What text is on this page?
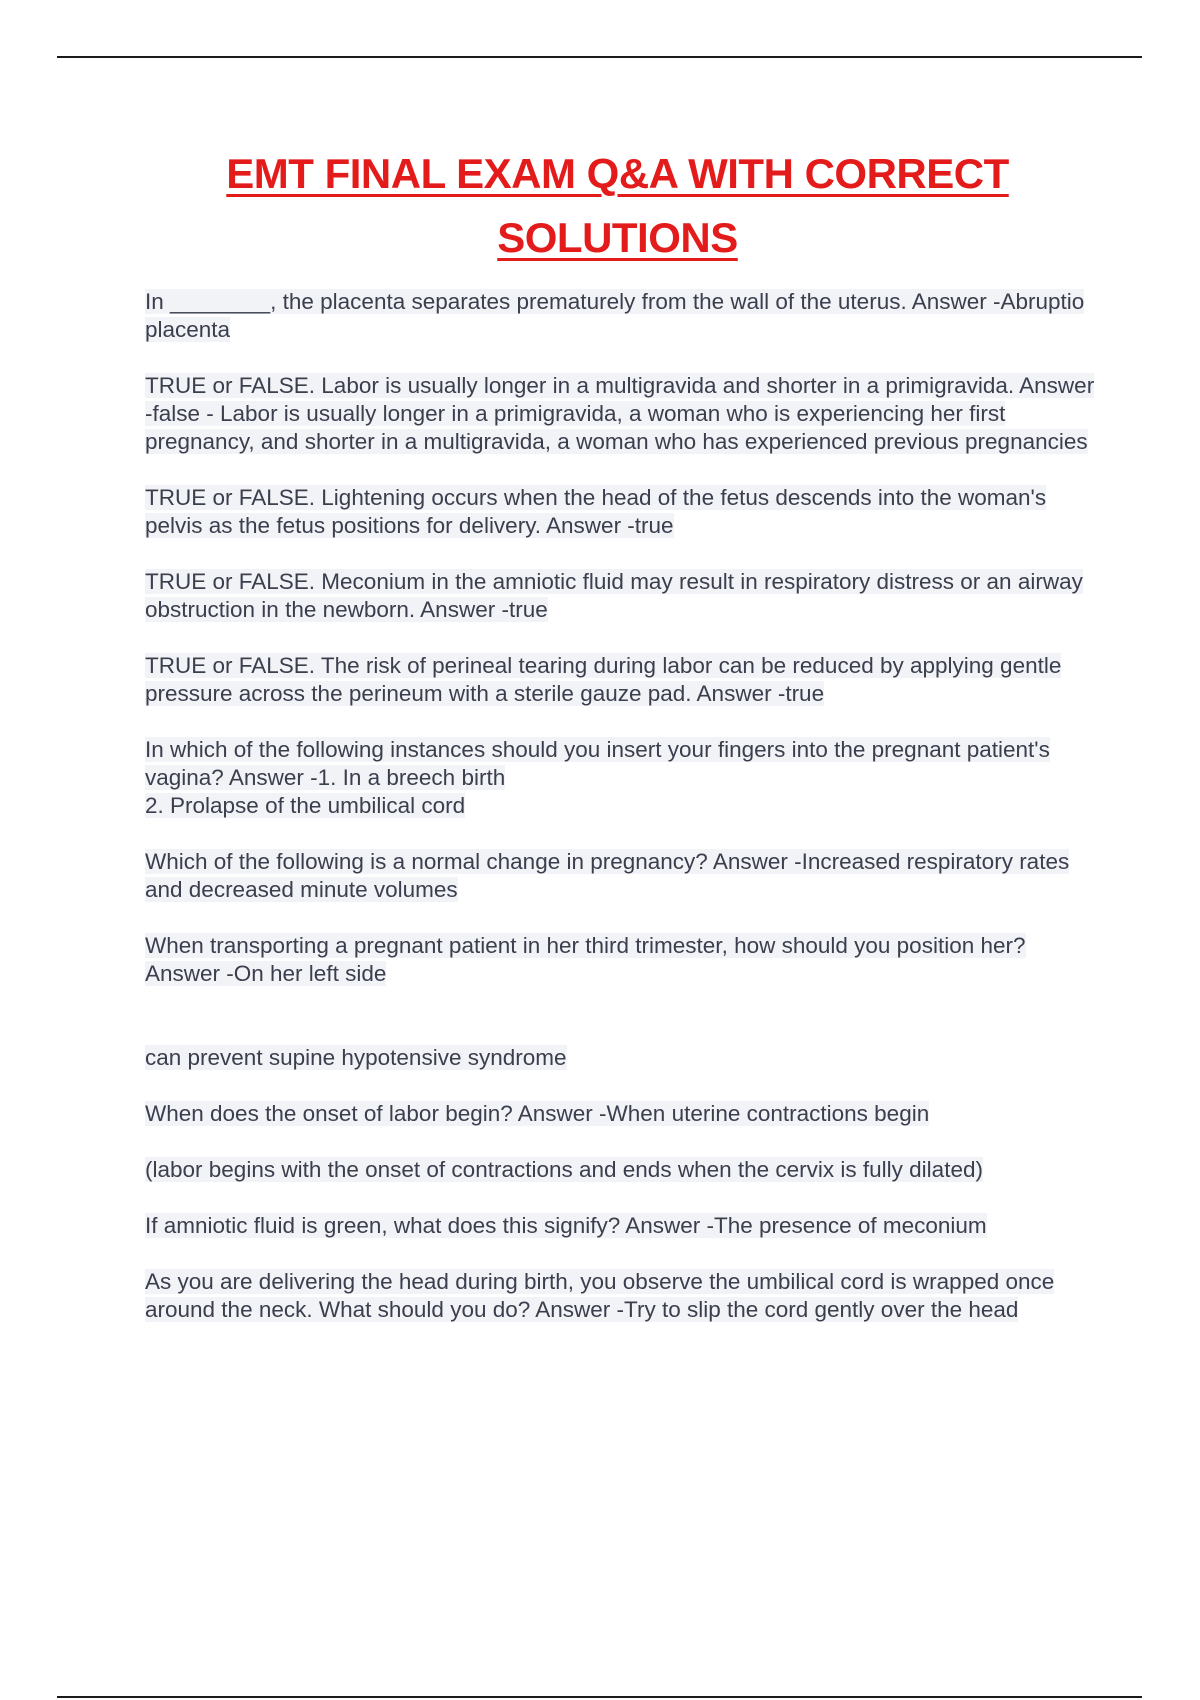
EMT FINAL EXAM Q&A WITH CORRECT SOLUTIONS

In ________, the placenta separates prematurely from the wall of the uterus. Answer -Abruptio placenta

TRUE or FALSE. Labor is usually longer in a multigravida and shorter in a primigravida. Answer -false - Labor is usually longer in a primigravida, a woman who is experiencing her first pregnancy, and shorter in a multigravida, a woman who has experienced previous pregnancies

TRUE or FALSE. Lightening occurs when the head of the fetus descends into the woman's pelvis as the fetus positions for delivery. Answer -true

TRUE or FALSE. Meconium in the amniotic fluid may result in respiratory distress or an airway obstruction in the newborn. Answer -true

TRUE or FALSE. The risk of perineal tearing during labor can be reduced by applying gentle pressure across the perineum with a sterile gauze pad. Answer -true

In which of the following instances should you insert your fingers into the pregnant patient's vagina? Answer -1. In a breech birth
2. Prolapse of the umbilical cord

Which of the following is a normal change in pregnancy? Answer -Increased respiratory rates and decreased minute volumes

When transporting a pregnant patient in her third trimester, how should you position her? Answer -On her left side

can prevent supine hypotensive syndrome

When does the onset of labor begin? Answer -When uterine contractions begin

(labor begins with the onset of contractions and ends when the cervix is fully dilated)

If amniotic fluid is green, what does this signify? Answer -The presence of meconium

As you are delivering the head during birth, you observe the umbilical cord is wrapped once around the neck. What should you do? Answer -Try to slip the cord gently over the head
